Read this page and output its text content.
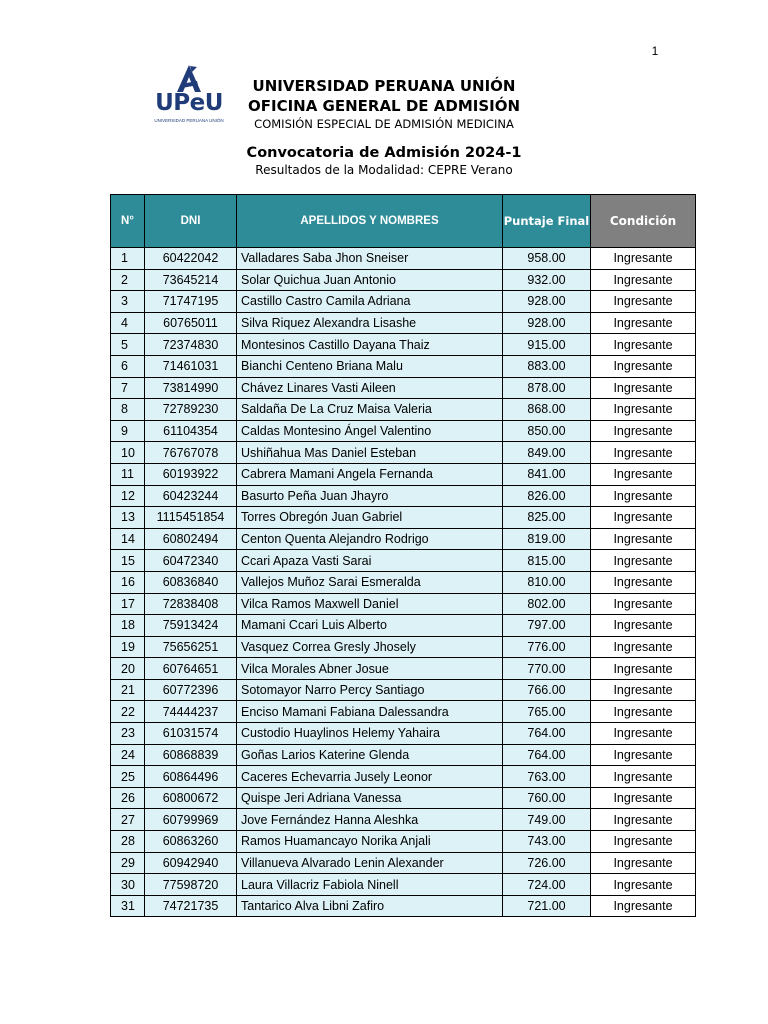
1
UPeU
UNIVERSIDAD PERUANA UNIÓN
UNIVERSIDAD PERUANA UNIÓN
OFICINA GENERAL DE ADMISIÓN
COMISIÓN ESPECIAL DE ADMISIÓN MEDICINA
Convocatoria de Admisión 2024-1
Resultados de la Modalidad: CEPRE Verano
N°	DNI	APELLIDOS Y NOMBRES	Puntaje Final	Condición
1	60422042	Valladares Saba Jhon Sneiser	958.00	Ingresante
2	73645214	Solar Quichua Juan Antonio	932.00	Ingresante
3	71747195	Castillo Castro Camila Adriana	928.00	Ingresante
4	60765011	Silva Riquez Alexandra Lisashe	928.00	Ingresante
5	72374830	Montesinos Castillo Dayana Thaiz	915.00	Ingresante
6	71461031	Bianchi Centeno Briana Malu	883.00	Ingresante
7	73814990	Chávez Linares Vasti Aileen	878.00	Ingresante
8	72789230	Saldaña De La Cruz Maisa Valeria	868.00	Ingresante
9	61104354	Caldas Montesino Ángel Valentino	850.00	Ingresante
10	76767078	Ushiñahua Mas Daniel Esteban	849.00	Ingresante
11	60193922	Cabrera Mamani Angela Fernanda	841.00	Ingresante
12	60423244	Basurto Peña Juan Jhayro	826.00	Ingresante
13	1115451854	Torres Obregón Juan Gabriel	825.00	Ingresante
14	60802494	Centon Quenta Alejandro Rodrigo	819.00	Ingresante
15	60472340	Ccari Apaza Vasti Sarai	815.00	Ingresante
16	60836840	Vallejos Muñoz Sarai Esmeralda	810.00	Ingresante
17	72838408	Vilca Ramos Maxwell Daniel	802.00	Ingresante
18	75913424	Mamani Ccari Luis Alberto	797.00	Ingresante
19	75656251	Vasquez Correa Gresly Jhosely	776.00	Ingresante
20	60764651	Vilca Morales Abner Josue	770.00	Ingresante
21	60772396	Sotomayor Narro Percy Santiago	766.00	Ingresante
22	74444237	Enciso Mamani Fabiana Dalessandra	765.00	Ingresante
23	61031574	Custodio Huaylinos Helemy Yahaira	764.00	Ingresante
24	60868839	Goñas Larios Katerine Glenda	764.00	Ingresante
25	60864496	Caceres Echevarria Jusely Leonor	763.00	Ingresante
26	60800672	Quispe Jeri Adriana Vanessa	760.00	Ingresante
27	60799969	Jove Fernández Hanna Aleshka	749.00	Ingresante
28	60863260	Ramos Huamancayo Norika Anjali	743.00	Ingresante
29	60942940	Villanueva Alvarado Lenin Alexander	726.00	Ingresante
30	77598720	Laura Villacriz Fabiola Ninell	724.00	Ingresante
31	74721735	Tantarico Alva Libni Zafiro	721.00	Ingresante
